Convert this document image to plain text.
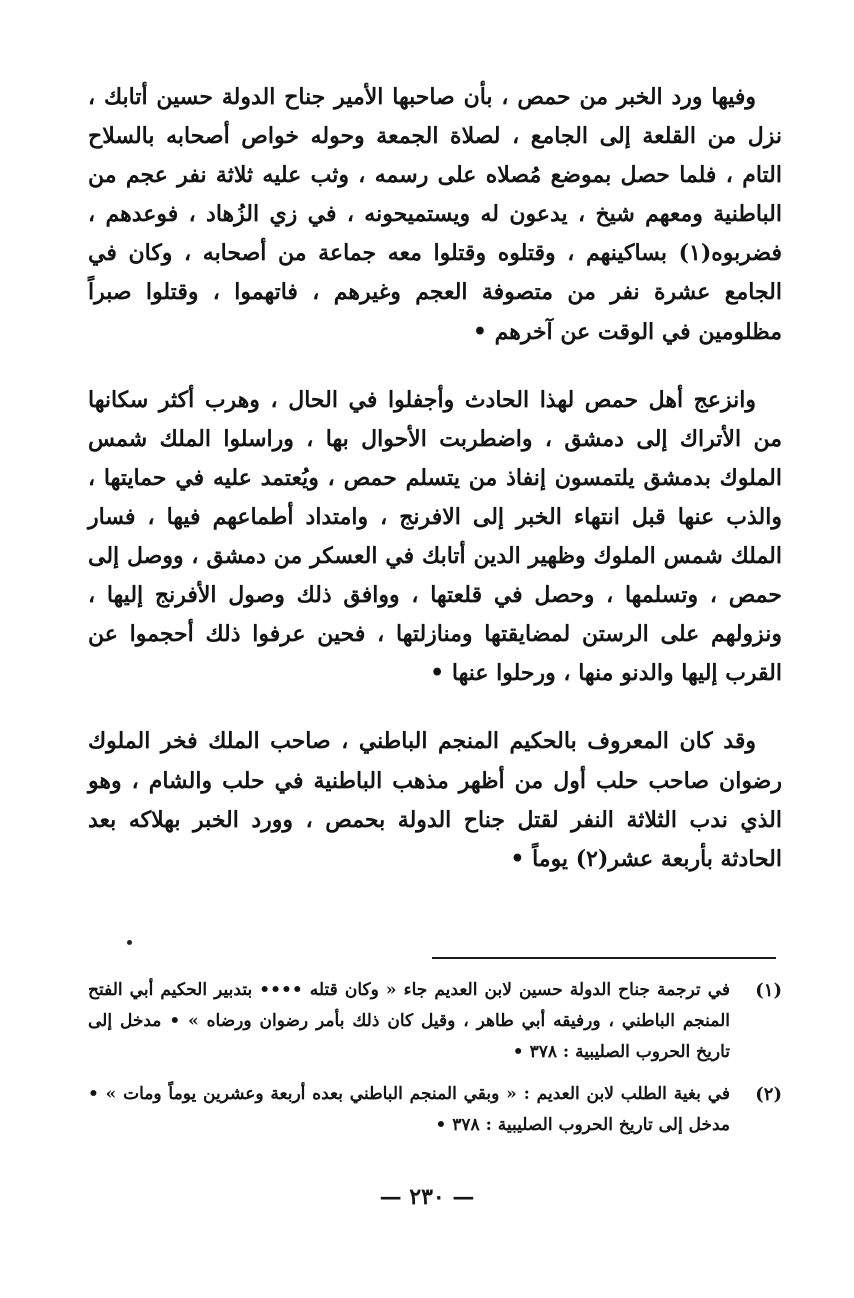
وفيها ورد الخبر من حمص ، بأن صاحبها الأمير جناح الدولة حسين أتابك ، نزل من القلعة إلى الجامع ، لصلاة الجمعة وحوله خواص أصحابه بالسلاح التام ، فلما حصل بموضع مُصلاه على رسمه ، وثب عليه ثلاثة نفر عجم من الباطنية ومعهم شيخ ، يدعون له ويستميحونه ، في زي الزُهاد ، فوعدهم ، فضربوه(١) بساكينهم ، وقتلوه وقتلوا معه جماعة من أصحابه ، وكان في الجامع عشرة نفر من متصوفة العجم وغيرهم ، فاتهموا ، وقتلوا صبراً مظلومين في الوقت عن آخرهم •

وانزعج أهل حمص لهذا الحادث وأجفلوا في الحال ، وهرب أكثر سكانها من الأتراك إلى دمشق ، واضطربت الأحوال بها ، وراسلوا الملك شمس الملوك بدمشق يلتمسون إنفاذ من يتسلم حمص ، ويُعتمد عليه في حمايتها ، والذب عنها قبل انتهاء الخبر إلى الافرنج ، وامتداد أطماعهم فيها ، فسار الملك شمس الملوك وظهير الدين أتابك في العسكر من دمشق ، ووصل إلى حمص ، وتسلمها ، وحصل في قلعتها ، ووافق ذلك وصول الأفرنج إليها ، ونزولهم على الرستن لمضايقتها ومنازلتها ، فحين عرفوا ذلك أحجموا عن القرب إليها والدنو منها ، ورحلوا عنها •

وقد كان المعروف بالحكيم المنجم الباطني ، صاحب الملك فخر الملوك رضوان صاحب حلب أول من أظهر مذهب الباطنية في حلب والشام ، وهو الذي ندب الثلاثة النفر لقتل جناح الدولة بحمص ، وورد الخبر بهلاكه بعد الحادثة بأربعة عشر(٢) يوماً •

(١)
في ترجمة جناح الدولة حسين لابن العديم جاء « وكان قتله •••• بتدبير الحكيم أبي الفتح المنجم الباطني ، ورفيقه أبي طاهر ، وقيل كان ذلك بأمر رضوان ورضاه » • مدخل إلى تاريخ الحروب الصليبية : ٣٧٨ •
(٢)
في بغية الطلب لابن العديم : « وبقي المنجم الباطني بعده أربعة وعشرين يوماً ومات » • مدخل إلى تاريخ الحروب الصليبية : ٣٧٨ •
— ٢٣٠ —
